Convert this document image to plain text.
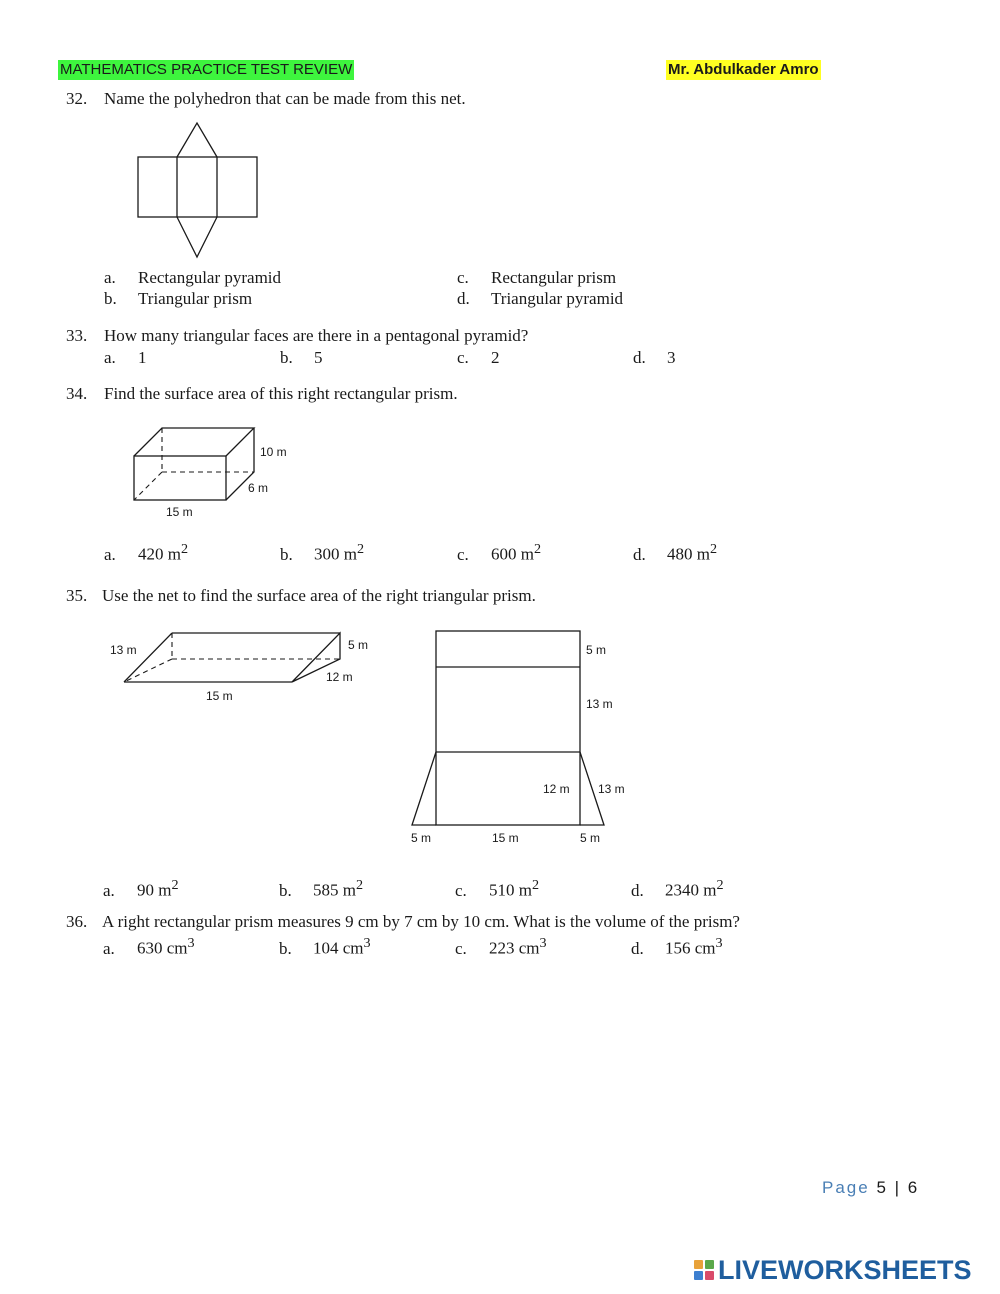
MATHEMATICS PRACTICE TEST REVIEW	Mr. Abdulkader Amro
32. Name the polyhedron that can be made from this net.
a. Rectangular pyramid
b. Triangular prism
c. Rectangular prism
d. Triangular pyramid
33. How many triangular faces are there in a pentagonal pyramid?
a. 1	b. 5	c. 2	d. 3
34. Find the surface area of this right rectangular prism.
10 m
6 m
15 m
a. 420 $m^2$	b. 300 $m^2$	c. 600 $m^2$	d. 480 $m^2$
35. Use the net to find the surface area of the right triangular prism.
13 m	5 m
12 m
15 m
5 m
13 m
12 m 13 m
5 m	15 m	5 m
a. 90 $m^2$	b. 585 $m^2$	c. 510 $m^2$	d. 2340 $m^2$
36. A right rectangular prism measures 9 cm by 7 cm by 10 cm. What is the volume of the prism?
a. 630 $cm^3$	b. 104 $cm^3$	c. 223 $cm^3$	d. 156 $cm^3$
Page 5 | 6
LIVEWORKSHEETS
